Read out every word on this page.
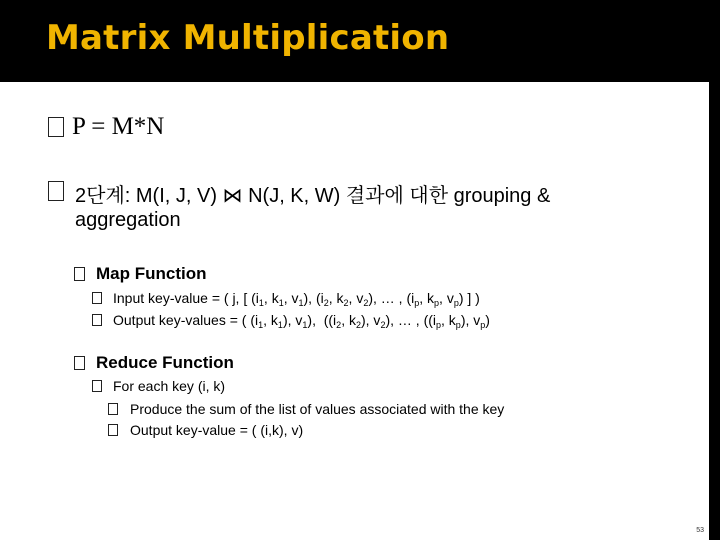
Matrix Multiplication
P = M*N
2단계: M(I, J, V) ⋈ N(J, K, W) 결과에 대한 grouping &
aggregation
Map Function
Input key-value = ( j, [ ($i_1$, $k_1$, $v_1$), ($i_2$, $k_2$, $v_2$), … , ($i_p$, $k_p$, $v_p$) ] )
Output key-values = ( ($i_1$, $k_1$), $v_1$),  (($i_2$, $k_2$), $v_2$), … , (($i_p$, $k_p$), $v_p$)
Reduce Function
For each key (i, k)
Produce the sum of the list of values associated with the key
Output key-value = ( (i,k), v)
53
